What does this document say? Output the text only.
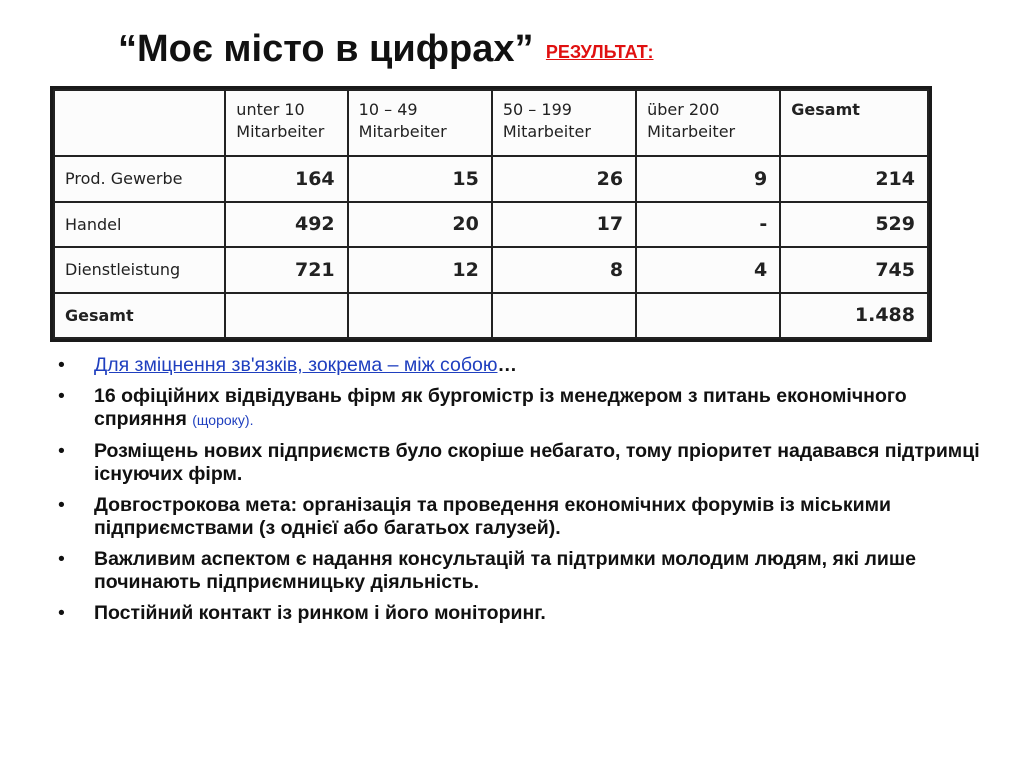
“Моє місто в цифрах” РЕЗУЛЬТАТ:
	unter 10 Mitarbeiter	10 – 49 Mitarbeiter	50 – 199 Mitarbeiter	über 200 Mitarbeiter	Gesamt
Prod. Gewerbe	164	15	26	9	214
Handel	492	20	17	-	529
Dienstleistung	721	12	8	4	745
Gesamt					1.488
• Для зміцнення зв'язків, зокрема – між собою…
• 16 офіційних відвідувань фірм як бургомістр із менеджером з питань економічного сприяння (щороку).
• Розміщень нових підприємств було скоріше небагато, тому пріоритет надавався підтримці існуючих фірм.
• Довгострокова мета: організація та проведення економічних форумів із міськими підприємствами (з однієї або багатьох галузей).
• Важливим аспектом є надання консультацій та підтримки молодим людям, які лише починають підприємницьку діяльність.
• Постійний контакт із ринком і його моніторинг.
